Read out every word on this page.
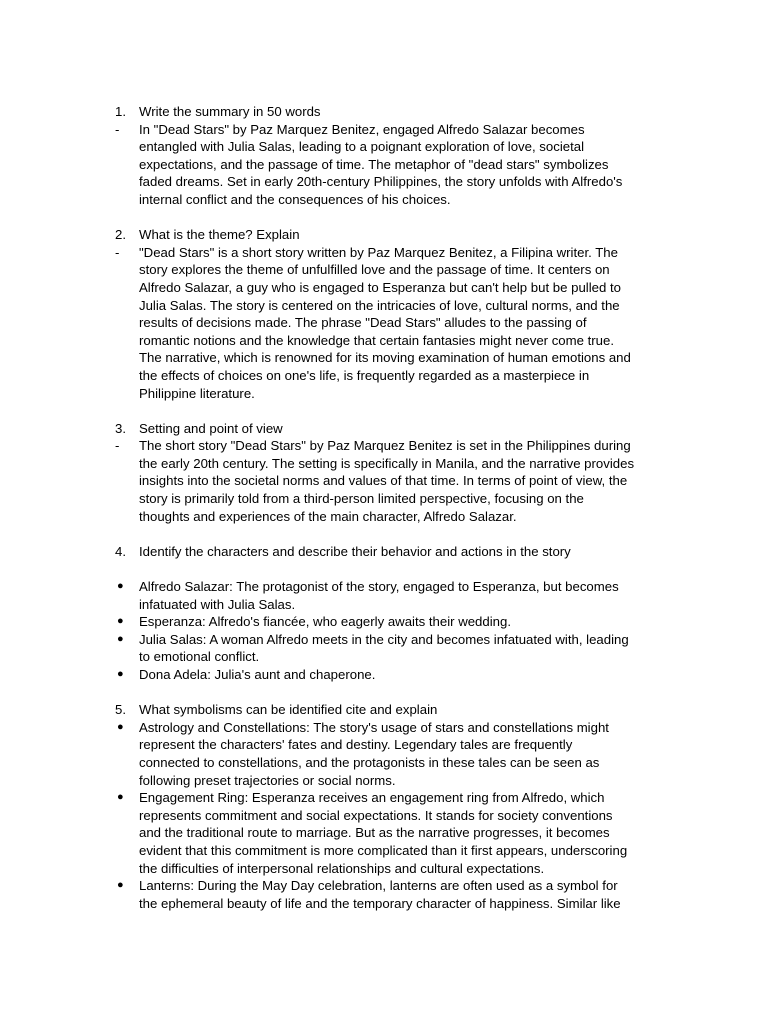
1. Write the summary in 50 words
-	In "Dead Stars" by Paz Marquez Benitez, engaged Alfredo Salazar becomes
entangled with Julia Salas, leading to a poignant exploration of love, societal
expectations, and the passage of time. The metaphor of "dead stars" symbolizes
faded dreams. Set in early 20th-century Philippines, the story unfolds with Alfredo's
internal conflict and the consequences of his choices.
2. What is the theme? Explain
-	"Dead Stars" is a short story written by Paz Marquez Benitez, a Filipina writer. The
story explores the theme of unfulfilled love and the passage of time. It centers on
Alfredo Salazar, a guy who is engaged to Esperanza but can't help but be pulled to
Julia Salas. The story is centered on the intricacies of love, cultural norms, and the
results of decisions made. The phrase "Dead Stars" alludes to the passing of
romantic notions and the knowledge that certain fantasies might never come true.
The narrative, which is renowned for its moving examination of human emotions and
the effects of choices on one's life, is frequently regarded as a masterpiece in
Philippine literature.
3. Setting and point of view
-	The short story "Dead Stars" by Paz Marquez Benitez is set in the Philippines during
the early 20th century. The setting is specifically in Manila, and the narrative provides
insights into the societal norms and values of that time. In terms of point of view, the
story is primarily told from a third-person limited perspective, focusing on the
thoughts and experiences of the main character, Alfredo Salazar.
4. Identify the characters and describe their behavior and actions in the story
●	Alfredo Salazar: The protagonist of the story, engaged to Esperanza, but becomes
infatuated with Julia Salas.
●	Esperanza: Alfredo's fiancée, who eagerly awaits their wedding.
●	Julia Salas: A woman Alfredo meets in the city and becomes infatuated with, leading
to emotional conflict.
●	Dona Adela: Julia's aunt and chaperone.
5. What symbolisms can be identified cite and explain
●	Astrology and Constellations: The story's usage of stars and constellations might
represent the characters' fates and destiny. Legendary tales are frequently
connected to constellations, and the protagonists in these tales can be seen as
following preset trajectories or social norms.
●	Engagement Ring: Esperanza receives an engagement ring from Alfredo, which
represents commitment and social expectations. It stands for society conventions
and the traditional route to marriage. But as the narrative progresses, it becomes
evident that this commitment is more complicated than it first appears, underscoring
the difficulties of interpersonal relationships and cultural expectations.
●	Lanterns: During the May Day celebration, lanterns are often used as a symbol for
the ephemeral beauty of life and the temporary character of happiness. Similar like
